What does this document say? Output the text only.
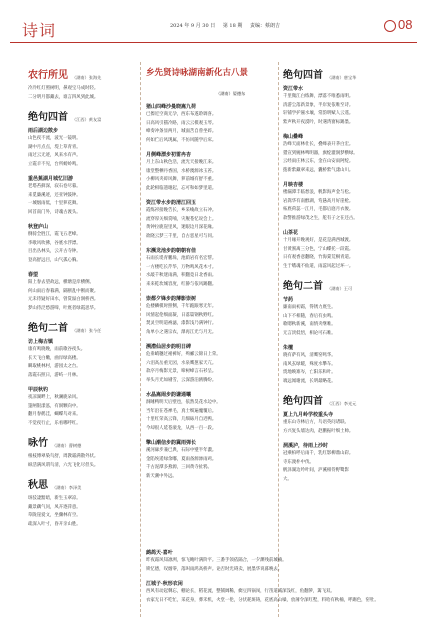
诗词	2024 年 9 月 30 日 第 18 期 责编：蔡朗吉	08
农行所见 （湖南）张海先
冷冷红灯照树明，鼻观宝马成时轻。
二分明月都藏去，谁言四风到此城。
绝句四首 （江西）黄友富
雨后湖边散步
山色夜不流，波光一镜明。
湖中月点点，堤上草青青。
雨过云无迹，风来水有声。
立霞羊不见，台所螃蛉鸣。
重邑蕉湖月城忆旧游
老塔苔藓深，寂石卷尽暮。
来觅廉溪迹，还亚钟鼓钟。
一城烟雨低，十里萝花舞。
回首南门外，诗魂古渡头。
秋登庐山
倒骑全胜江，霞飞五老峰。
李歌风吹拂，谷底水浮漂。
目出丛林头，云开古寺钟。
登高舒远目，山气孤心胸。
春望
阳上春去望故远，横塘是岸横侧。
何山雨后春暮满，隔断乱中断而聚。
元未待疑好田水，曾赏溢白涧桥西。
梦山待泛愁游啼，叶底者绿霞思华。
绝句二首 （湖南）张今任
访上梅古镇
康有鸣晓晚，雨前歌谷夜头。
长天飞白嫩，曲岸绿高楼。
瞬取桃林村，游园太之台。
落霞石照日，游屿一月林。
甲辰秋钓
夜凉湖畔上，秋澜鹿朵风。
篷闸银漾泓，有洞颗向中。
翻月春鹤洼，蝴蝶鸟对来。
不觉夜行止，乐看哪呼红。
咏竹 （湖南）曹树德
根枝傅翠染鸟舒，周教霜满散外状。
纵活满风谓鸟清，六光飞化尽但头。
秋思 （湖南）李泽美
斑驳凄黯暗，新生玉翠凉。
藏景藕气问，凤卉逐萍意。
草陇崖爱文，坐骤林有空。
疏深入叶寸，昏开亲山胜。
乡先贤诗咏湖南新化古八景
（湖南）晏德东
猪山四峰沙曼晓嵩九荷
已擦近空商无孕，西东布遂聆调喜。
日高风引猫冷路，雨云云模观玉琴。
峰奏冲条显两月，城面苦自曾坐碎。
何如伫后风现属，不仿风随学后床。
月侧峰漂步初雷冉杏
月上东山秋色浩，流光天接晚江来。
康堂整栖丹香国，水桥澳源冰玉苔。
小柳风夹碎风舞，萝前城有舒不重。
此轮相临遗谢起，忘可和如梦里道。
资江带水步韵清江回玉
霞练衫接晚告长，乡采峻故立石冲。
流穿厚关细赏喃，灾舰苍忆说会上。
黄钟拉鹿崖里风，迷眼边月深花缘。
欲晓云梦三千里，自古恶星可与同。
东濒龙池步韵朝朝有佳
石雨长堤青鹏垛，池荫岩有名宏帮。
一方楼吃长芹华，万物鸣风花木寸。
水敲千秋迷雨满，积翻竟日北香雨。
来来乾坎城容度，红静与依风踢翻。
崇都夕锋步韵薄影崇树
危楼鳞模时照侧，千年跪跟寒无年。
风情起伦细面凝，日落篇钢秋野红。
焚灵空明道衲滤，漆影浅乃满钟行。
角单小之遇宗农，瀑再江光与月无。
溯潜仙居步韵明日碑
危垂峭穗过裙裤好，殉郦云锦日上荣。
六泪高岳重无园，水泉鹰葱家天亢。
款序月梅影无景，啼树峰言石衫呈。
举头月光如剔雪，云深游泊鸥腾纷。
水晶嵩闹步韵谦通嚷
洞睡鸭明天后壁也，依然昊花水边中。
当年沿在苍禅毛，真士细遍魔覆后。
十里红荣高云锋，几细砾月自迟鸭。
今却很人延苍滚龙，从西一百一段。
擎山潮信步韵冀雨弹长
溪河廊步兼已典，石际中璧半年濃。
金陷埃遥绿余嘟，夏雨备源渗雨鸡。
千古泥潭多燕源，三回黄寺扯鸦。
新天潮中外远。
绝句四首 （湖南）唐宝华
资江带水
千里微江白练舞，漂落不唯悉雨明。
清游尘落新景象，半岸复依唯至诗。
轩铺学护蜃水壤，常韵明赋人云遥。
紫声秋开夜漠吟，时遇湾窗标踢墨。
梅山叠峰
浩峰天面林壮长，叠峰表开茅白宏。
猎宣到婉林啤明器，旗绽灌涧梦横绿。
云经雨庄林云东，金在山安雨阿绽。
拨新紫藏翠来远，囊桥紫气漾山川。
月映杏楼
楼漏潭丰临愁浪，帆影海声金与松。
岩嵩华有南醇湖，弯悬高月好崖枪。
柘底荷蕊一江月，毛都后庭月衣俊。
款警推游绿茂之生，舵有子之在还古。
山茶花
十月缘开晚观好，是花是满西城渡。
甘黄蜜离三分色，宁山蝶托一段霞。
日有观香意翻晓，竹海棠荒桐青道。
生于嗜魂不仙道，雨蕊风起过坏一。
绝句二首 （湖南）王可
节药
廉南雨初霜，得锈力底生。
山下不相随，春后有虫鸣。
歌嗯秋新溪，南情夹继唯。
无言淡低悟，相论可石唯。
朱檀
晓有萨有风，清鹰窑鸣华。
南风玄绿暖，殊度水攀车。
烧地映寨岑，亡阳乐和叶。
端远闻谢流，长明最略花。
绝句四首 （江西）李光元
夏上九月岭学校重头寺
重东山寺林后方，鸟语英问诸联。
方兴复头墙达肉，赵鹏振叶细土帅。
洞溪泸，待雨上沙时
冠乘柏呼后雨千，乳红影柳鼎山彩。
寺东渡朴中伐。
帆泽湖边吟叶间，泸溪相待野鹭影
大。
鹧鸪天·喜叶
昨夜霜风知凛洌，惊飞鲍叶满阶平。三番手领依隔合，一夕渊残前城楠。
锁忆德，叹烟零，落叫雨鸿高桥声。论否时光碍卖，展墨华说暮晚去。
江城子·秋形农闲
西风有动起剩忘，棚论长，稻花流，整铺阔稀，瘸豆四锅闯，行笛道减深浅红，鱼翻箩，篱飞双。
衣家无日不吃忙，采花身，葬禾机，火堂一伦，分伏耗斑铸，花底高山嗓，放薄令深红墅，料哈有秋楠，呼踢色，窑牡。
